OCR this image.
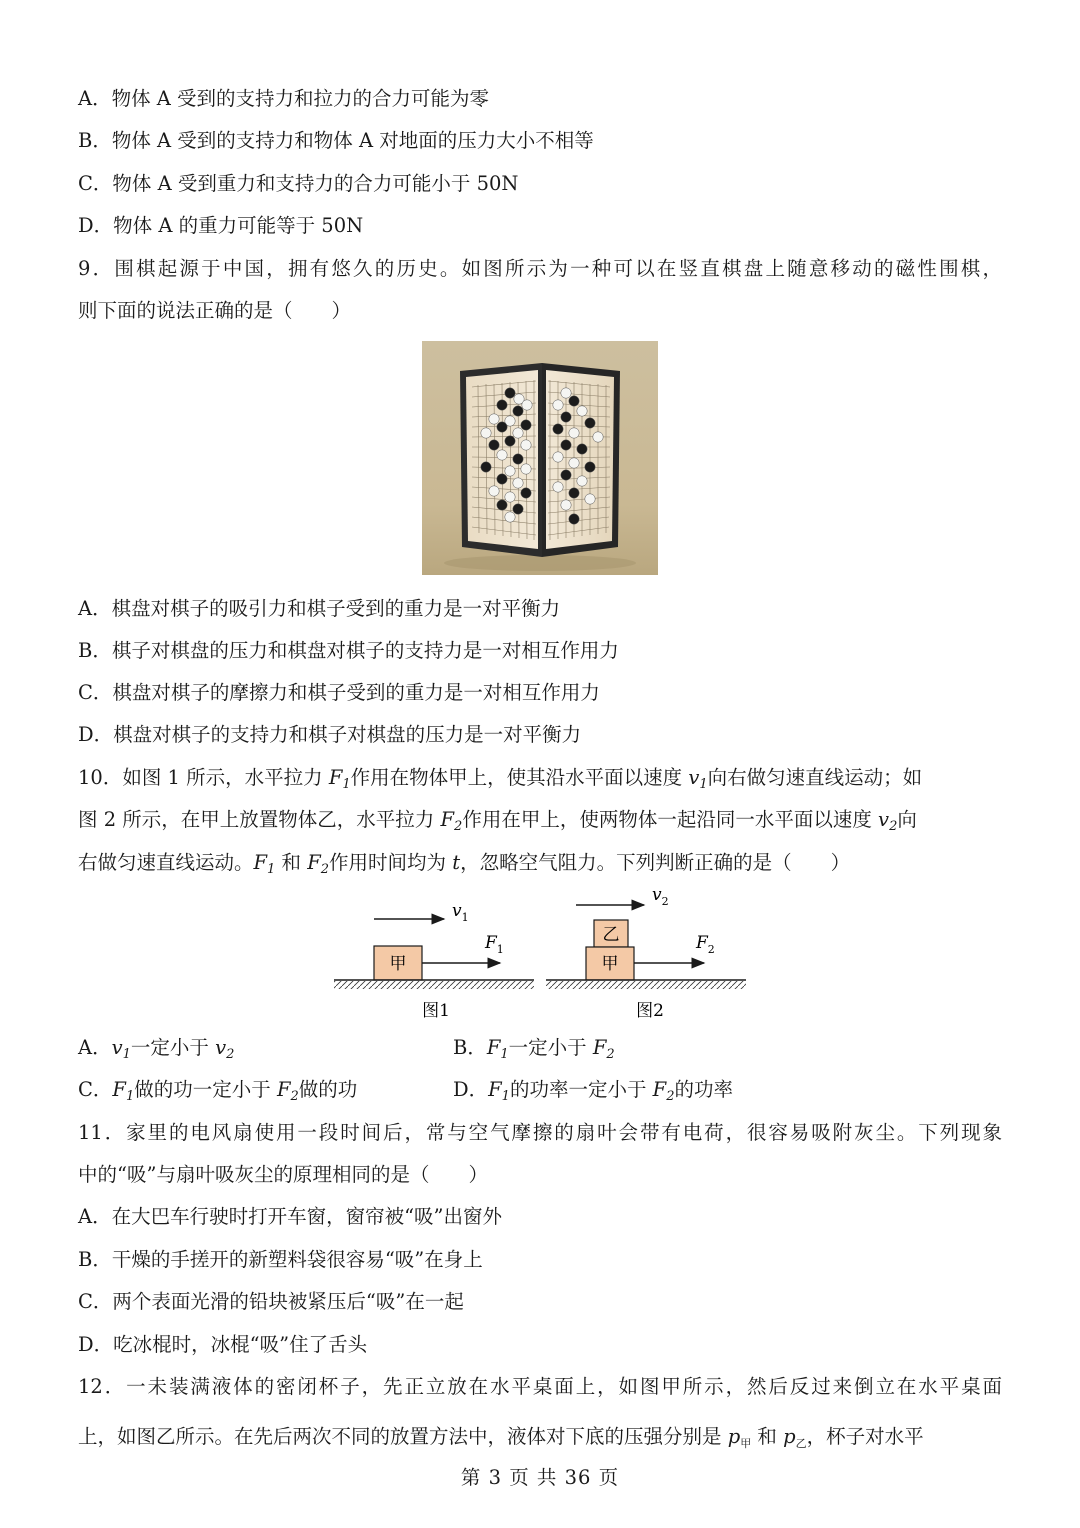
A．物体 A 受到的支持力和拉力的合力可能为零
B．物体 A 受到的支持力和物体 A 对地面的压力大小不相等
C．物体 A 受到重力和支持力的合力可能小于 50N
D．物体 A 的重力可能等于 50N
9．围棋起源于中国，拥有悠久的历史。如图所示为一种可以在竖直棋盘上随意移动的磁性围棋，
则下面的说法正确的是（　　）
A．棋盘对棋子的吸引力和棋子受到的重力是一对平衡力
B．棋子对棋盘的压力和棋盘对棋子的支持力是一对相互作用力
C．棋盘对棋子的摩擦力和棋子受到的重力是一对相互作用力
D．棋盘对棋子的支持力和棋子对棋盘的压力是一对平衡力
10．如图 1 所示，水平拉力 $F_1$作用在物体甲上，使其沿水平面以速度 $v_1$向右做匀速直线运动；如
图 2 所示，在甲上放置物体乙，水平拉力 $F_2$作用在甲上，使两物体一起沿同一水平面以速度 $v_2$向
右做匀速直线运动。$F_1$ 和 $F_2$作用时间均为 t，忽略空气阻力。下列判断正确的是（　　）
$v_1$
甲
$F_1$
图1
$v_2$
乙
甲
$F_2$
图2
A．$v_1$一定小于 $v_2$	B．$F_1$一定小于 $F_2$
C．$F_1$做的功一定小于 $F_2$做的功	D．$F_1$的功率一定小于 $F_2$的功率
11．家里的电风扇使用一段时间后，常与空气摩擦的扇叶会带有电荷，很容易吸附灰尘。下列现象
中的“吸”与扇叶吸灰尘的原理相同的是（　　）
A．在大巴车行驶时打开车窗，窗帘被“吸”出窗外
B．干燥的手搓开的新塑料袋很容易“吸”在身上
C．两个表面光滑的铅块被紧压后“吸”在一起
D．吃冰棍时，冰棍“吸”住了舌头
12．一未装满液体的密闭杯子，先正立放在水平桌面上，如图甲所示，然后反过来倒立在水平桌面
上，如图乙所示。在先后两次不同的放置方法中，液体对下底的压强分别是 $p_甲$ 和 $p_乙$，杯子对水平
第 3 页 共 36 页
